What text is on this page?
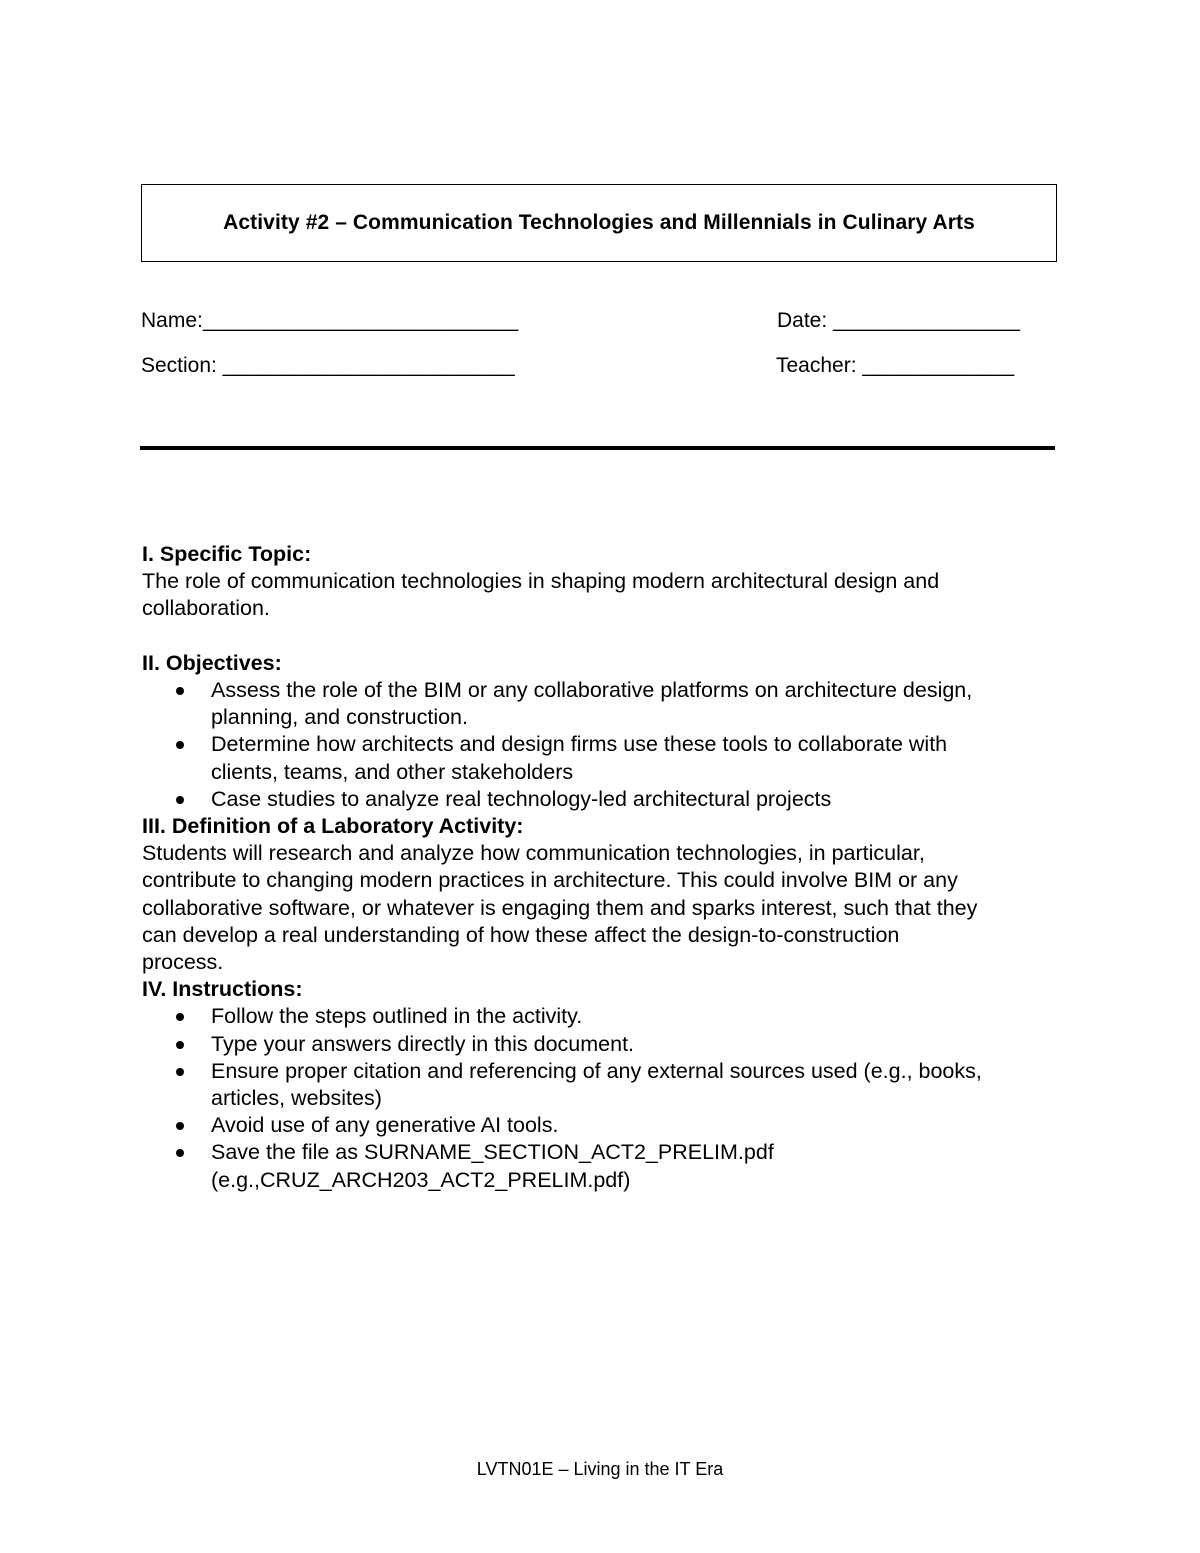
Activity #2 – Communication Technologies and Millennials in Culinary Arts
Name:___________________________	Date: ________________
Section: _________________________	Teacher: _____________

I. Specific Topic:

The role of communication technologies in shaping modern architectural design and

collaboration.

II. Objectives:

Assess the role of the BIM or any collaborative platforms on architecture design,
planning, and construction.
Determine how architects and design firms use these tools to collaborate with
clients, teams, and other stakeholders
Case studies to analyze real technology-led architectural projects

III. Definition of a Laboratory Activity:

Students will research and analyze how communication technologies, in particular,

contribute to changing modern practices in architecture. This could involve BIM or any

collaborative software, or whatever is engaging them and sparks interest, such that they

can develop a real understanding of how these affect the design-to-construction

process.

IV. Instructions:

Follow the steps outlined in the activity.
Type your answers directly in this document.
Ensure proper citation and referencing of any external sources used (e.g., books,
articles, websites)
Avoid use of any generative AI tools.
Save the file as SURNAME_SECTION_ACT2_PRELIM.pdf
(e.g.,CRUZ_ARCH203_ACT2_PRELIM.pdf)
LVTN01E – Living in the IT Era
